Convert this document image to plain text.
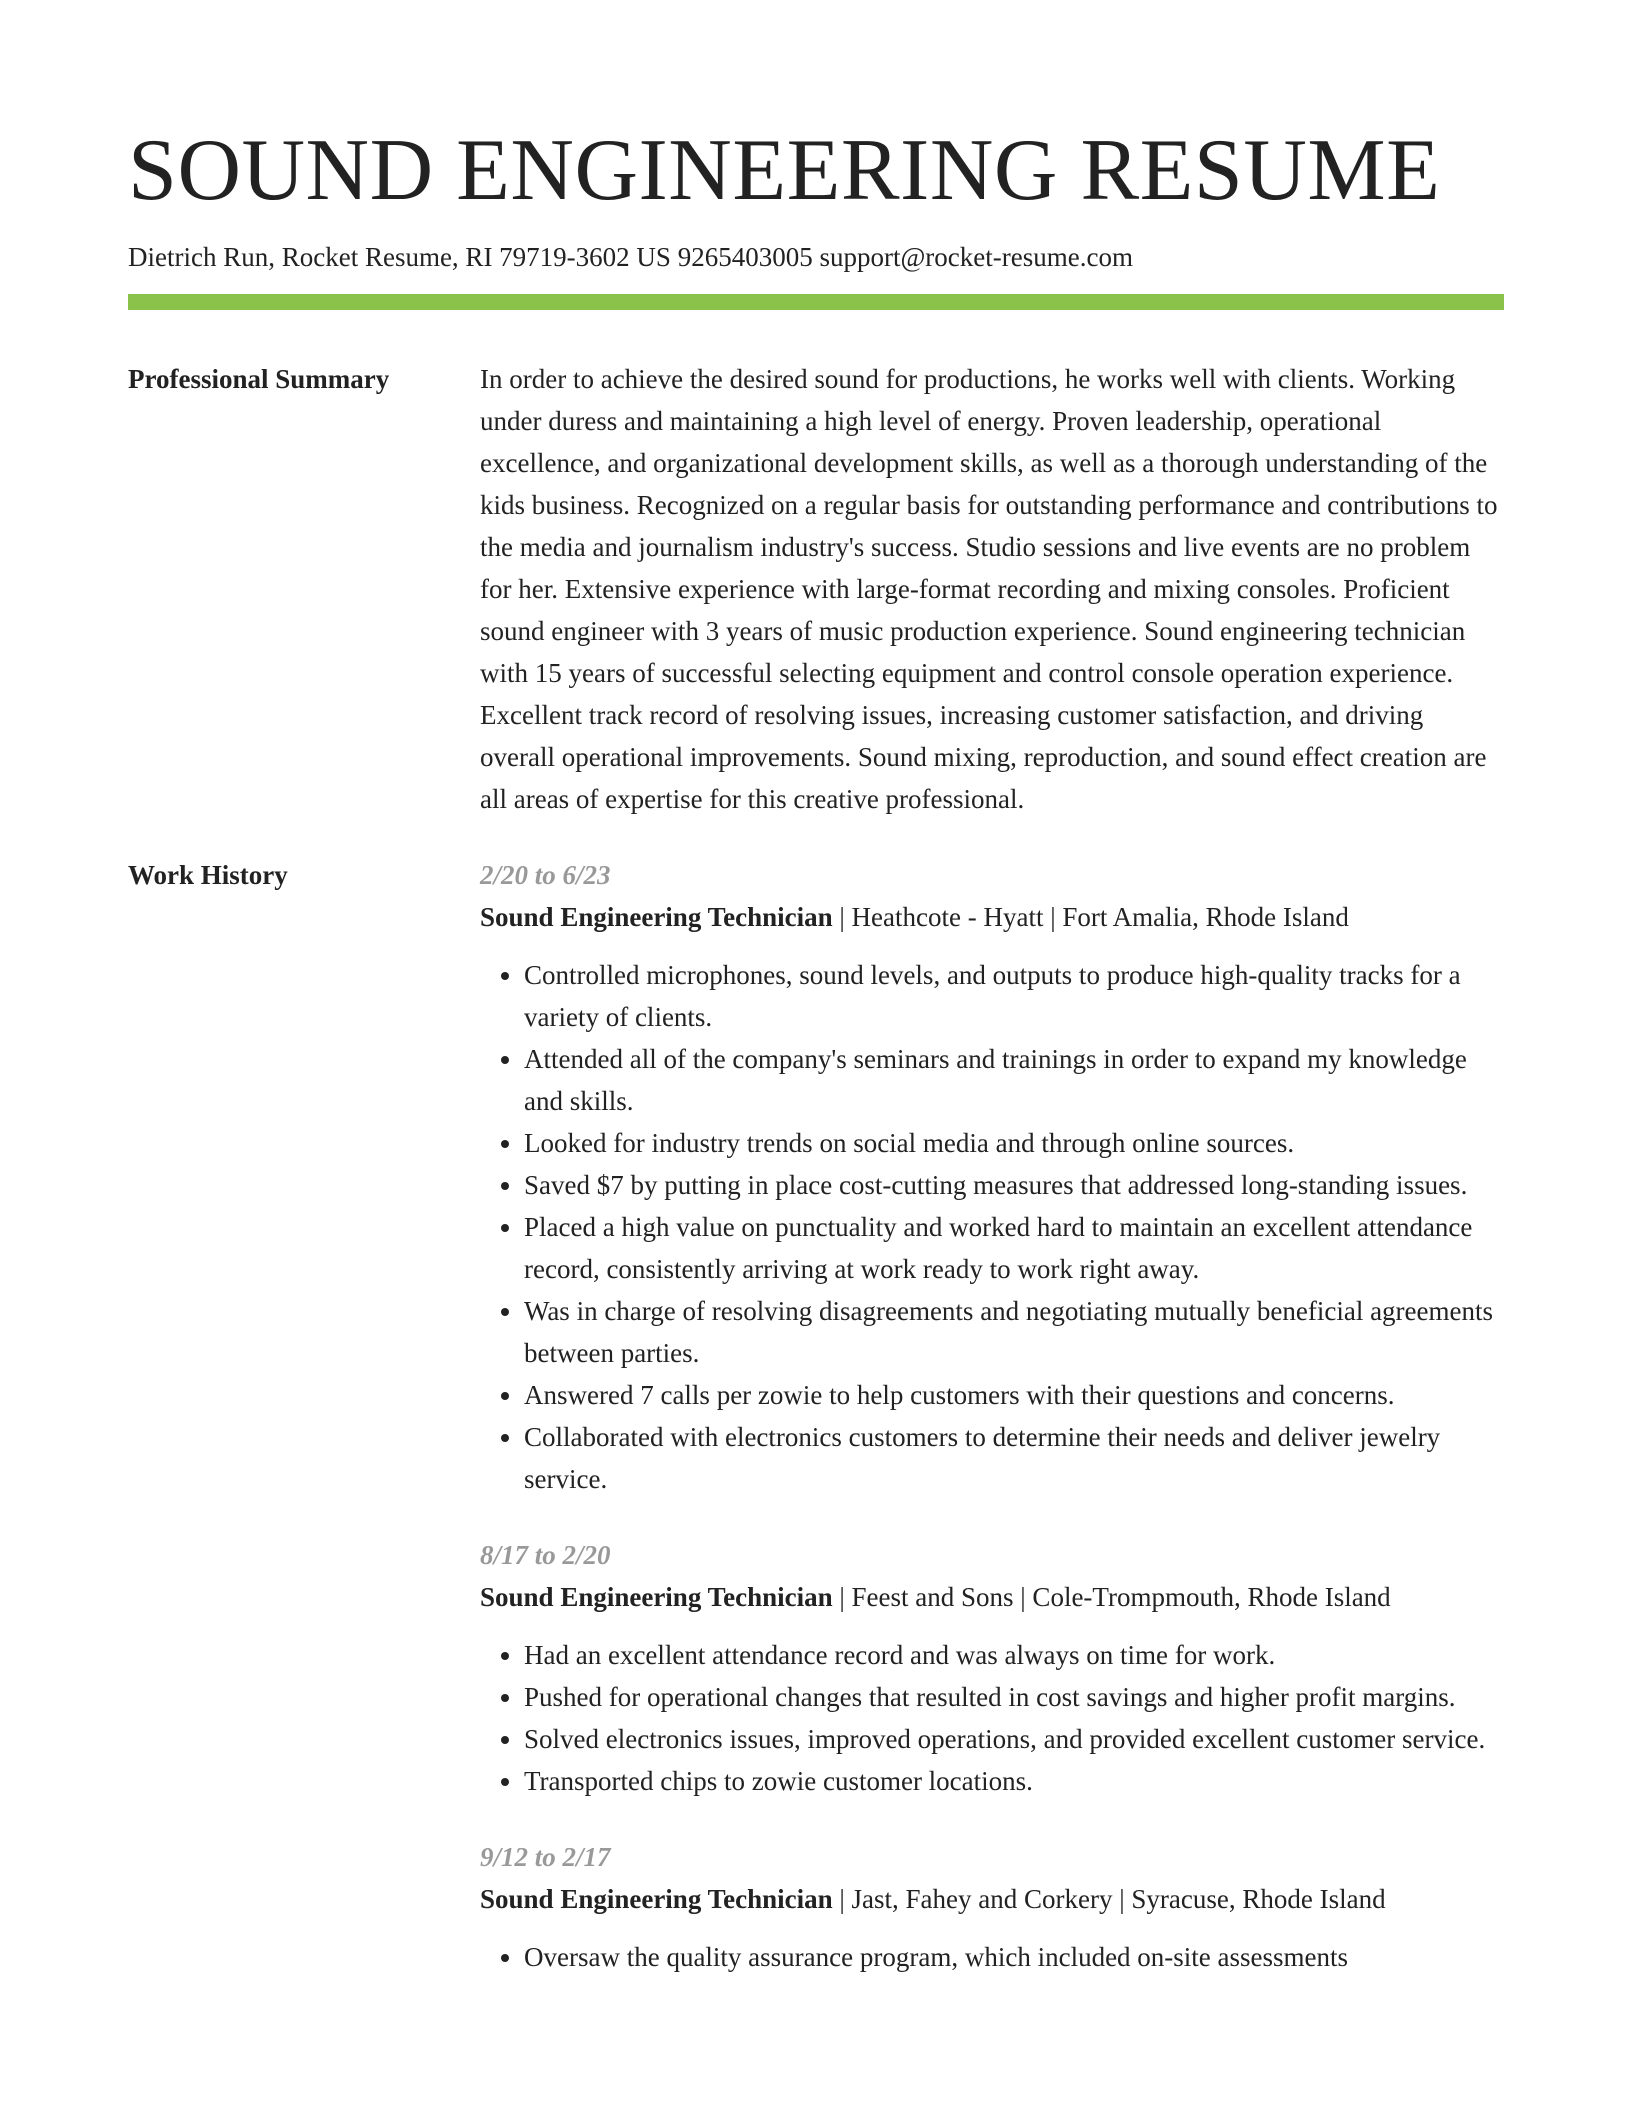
SOUND ENGINEERING RESUME
Dietrich Run, Rocket Resume, RI 79719-3602 US 9265403005 support@rocket-resume.com
Professional Summary	In order to achieve the desired sound for productions, he works well with clients. Working under duress and maintaining a high level of energy. Proven leadership, operational excellence, and organizational development skills, as well as a thorough understanding of the kids business. Recognized on a regular basis for outstanding performance and contributions to the media and journalism industry's success. Studio sessions and live events are no problem for her. Extensive experience with large-format recording and mixing consoles. Proficient sound engineer with 3 years of music production experience. Sound engineering technician with 15 years of successful selecting equipment and control console operation experience. Excellent track record of resolving issues, increasing customer satisfaction, and driving overall operational improvements. Sound mixing, reproduction, and sound effect creation are all areas of expertise for this creative professional.

Work History	2/20 to 6/23
Sound Engineering Technician | Heathcote - Hyatt | Fort Amalia, Rhode Island
• Controlled microphones, sound levels, and outputs to produce high-quality tracks for a variety of clients.
• Attended all of the company's seminars and trainings in order to expand my knowledge and skills.
• Looked for industry trends on social media and through online sources.
• Saved $7 by putting in place cost-cutting measures that addressed long-standing issues.
• Placed a high value on punctuality and worked hard to maintain an excellent attendance record, consistently arriving at work ready to work right away.
• Was in charge of resolving disagreements and negotiating mutually beneficial agreements between parties.
• Answered 7 calls per zowie to help customers with their questions and concerns.
• Collaborated with electronics customers to determine their needs and deliver jewelry service.
8/17 to 2/20
Sound Engineering Technician | Feest and Sons | Cole-Trompmouth, Rhode Island
• Had an excellent attendance record and was always on time for work.
• Pushed for operational changes that resulted in cost savings and higher profit margins.
• Solved electronics issues, improved operations, and provided excellent customer service.
• Transported chips to zowie customer locations.
9/12 to 2/17
Sound Engineering Technician | Jast, Fahey and Corkery | Syracuse, Rhode Island
• Oversaw the quality assurance program, which included on-site assessments
